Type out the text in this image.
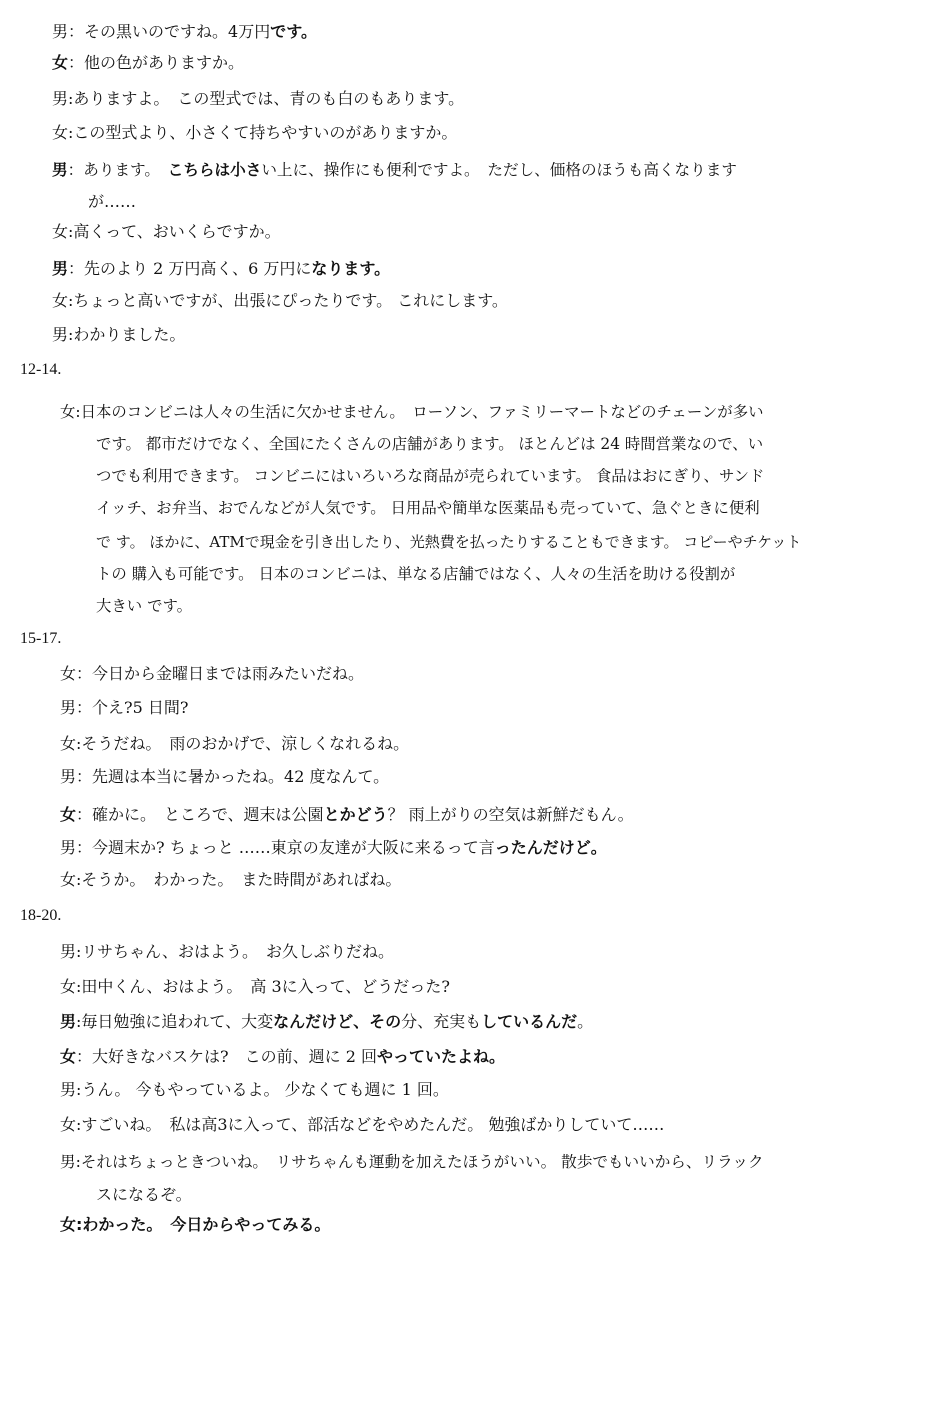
男：その黒いのですね。4万円です。
女：他の色がありますか。
男:ありますよ。　この型式では、青のも白のもあります。
女:この型式より、小さくて持ちやすいのがありますか。
男：あります。　こちらは小さい上に、操作にも便利ですよ。　ただし、価格のほうも高くなります
が……
女:高くって、おいくらですか。
男：先のより 2 万円高く、6 万円になります。
女:ちょっと高いですが、出張にぴったりです。 これにします。
男:わかりました。
12-14.
女:日本のコンビニは人々の生活に欠かせません。　ローソン、ファミリーマートなどのチェーンが多い
です。 都市だけでなく、全国にたくさんの店舗があります。 ほとんどは 24 時間営業なので、い
つでも利用できます。 コンビニにはいろいろな商品が売られています。 食品はおにぎり、サンド
イッチ、お弁当、おでんなどが人気です。 日用品や簡単な医薬品も売っていて、急ぐときに便利
で す。 ほかに、ATMで現金を引き出したり、光熱費を払ったりすることもできます。 コピーやチケット
トの 購入も可能です。 日本のコンビニは、単なる店舗ではなく、人々の生活を助ける役割が
大きい です。
15-17.
女：今日から金曜日までは雨みたいだね。
男：个え?5 日間?
女:そうだね。　雨のおかげで、涼しくなれるね。
男：先週は本当に暑かったね。42 度なんて。
女：確かに。　ところで、週末は公園とかどう？ 雨上がりの空気は新鮮だもん。
男：今週末か? ちょっと ……東京の友達が大阪に来るって言ったんだけど。
女:そうか。　わかった。　また時間があればね。
18-20.
男:リサちゃん、おはよう。　お久しぶりだね。
女:田中くん、おはよう。　高 3に入って、どうだった?
男:毎日勉強に追われて、大変なんだけど、その分、充実もしているんだ。
女：大好きなバスケは?　この前、週に 2 回やっていたよね。
男:うん。 今もやっているよ。 少なくても週に 1 回。
女:すごいね。　私は高3に入って、部活などをやめたんだ。 勉強ばかりしていて……
男:それはちょっときついね。　リサちゃんも運動を加えたほうがいい。 散歩でもいいから、リラック
スになるぞ。
女:わかった。　今日からやってみる。
